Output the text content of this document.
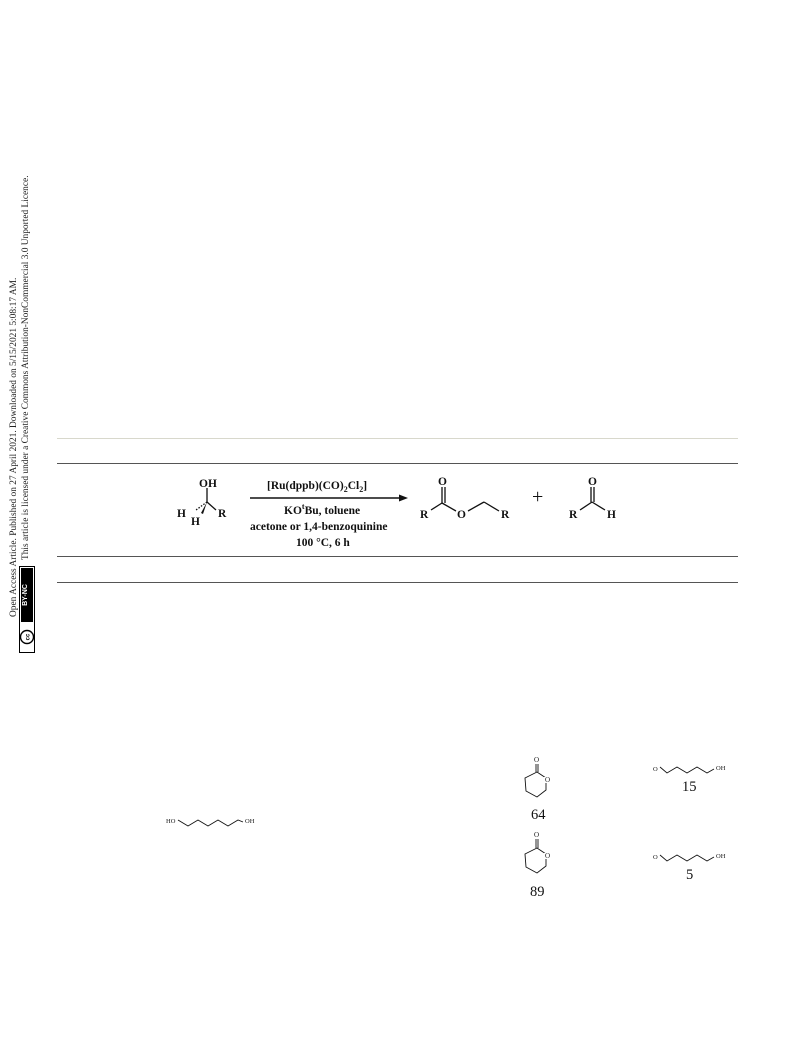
Open Access Article. Published on 27 April 2021. Downloaded on 5/15/2021 5:08:17 AM. This article is licensed under a Creative Commons Attribution-NonCommercial 3.0 Unported Licence.
BY-NC
cc
OH
H
H
R
$[Ru(dppb)(CO)_2Cl_2]$
$KO^tBu$, toluene
acetone or 1,4-benzoquinine
100 °C, 6 h
O
R O	R
+
O
R	H
HO	OH
O
O
O	OH
O
O	O	OH
64
15
89
5
